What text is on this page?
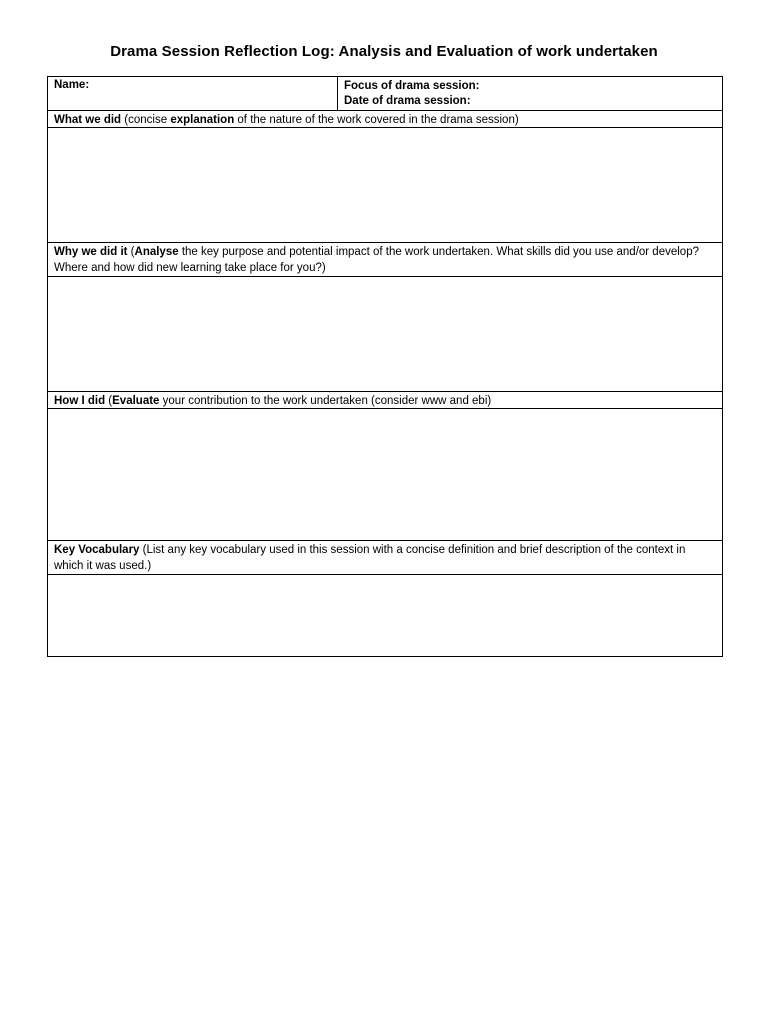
Drama Session Reflection Log: Analysis and Evaluation of work undertaken
Name:	Focus of drama session:
Date of drama session:
What we did (concise explanation of the nature of the work covered in the drama session)
Why we did it (Analyse the key purpose and potential impact of the work undertaken. What skills did you use and/or develop? Where and how did new learning take place for you?)
How I did (Evaluate your contribution to the work undertaken (consider www and ebi)
Key Vocabulary (List any key vocabulary used in this session with a concise definition and brief description of the context in which it was used.)
